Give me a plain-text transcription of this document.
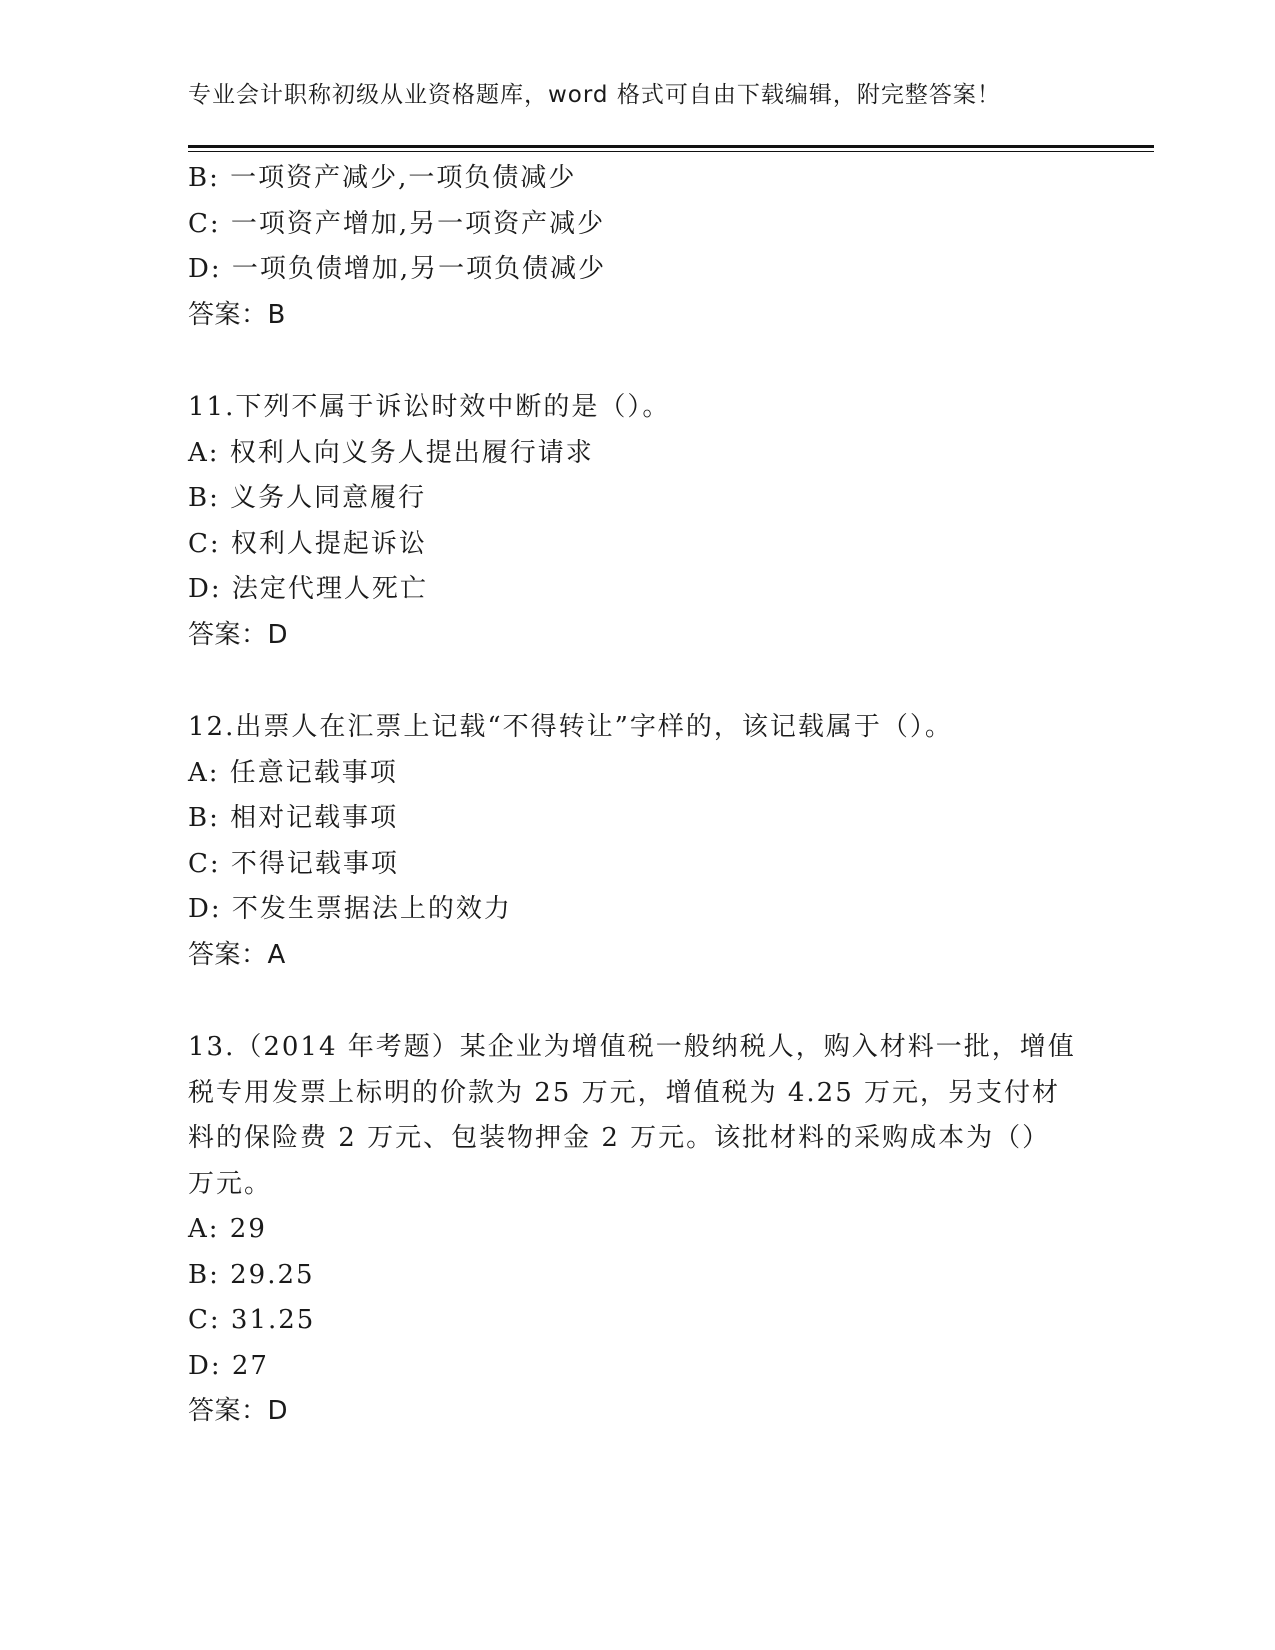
专业会计职称初级从业资格题库，word 格式可自由下载编辑，附完整答案！
B: 一项资产减少,一项负债减少
C: 一项资产增加,另一项资产减少
D: 一项负债增加,另一项负债减少
答案：B
11.下列不属于诉讼时效中断的是（）。
A: 权利人向义务人提出履行请求
B: 义务人同意履行
C: 权利人提起诉讼
D: 法定代理人死亡
答案：D
12.出票人在汇票上记载“不得转让”字样的，该记载属于（）。
A: 任意记载事项
B: 相对记载事项
C: 不得记载事项
D: 不发生票据法上的效力
答案：A
13.（2014 年考题）某企业为增值税一般纳税人，购入材料一批，增值
税专用发票上标明的价款为 25 万元，增值税为 4.25 万元，另支付材
料的保险费 2 万元、包装物押金 2 万元。该批材料的采购成本为（）
万元。
A: 29
B: 29.25
C: 31.25
D: 27
答案：D
